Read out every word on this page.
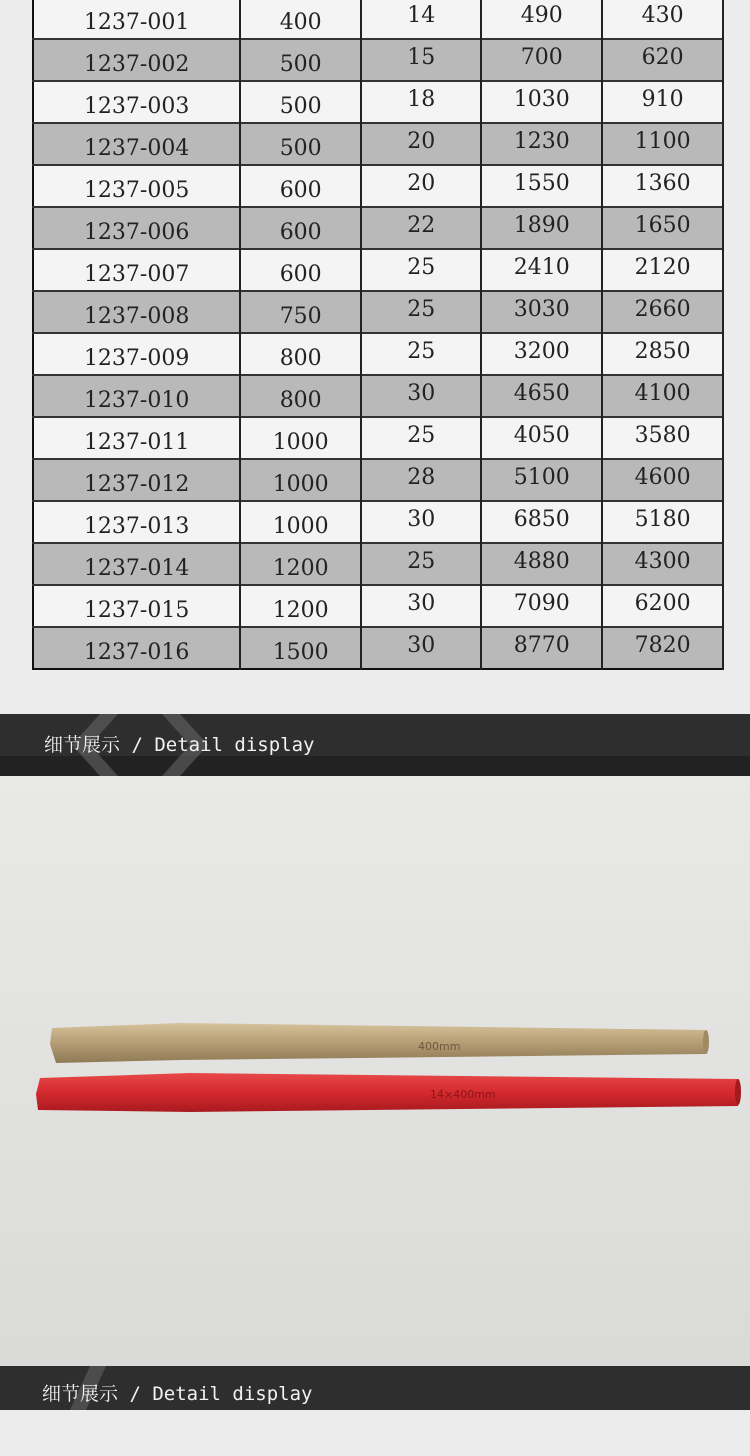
1237-001	400	14	490	430
1237-002	500	15	700	620
1237-003	500	18	1030	910
1237-004	500	20	1230	1100
1237-005	600	20	1550	1360
1237-006	600	22	1890	1650
1237-007	600	25	2410	2120
1237-008	750	25	3030	2660
1237-009	800	25	3200	2850
1237-010	800	30	4650	4100
1237-011	1000	25	4050	3580
1237-012	1000	28	5100	4600
1237-013	1000	30	6850	5180
1237-014	1200	25	4880	4300
1237-015	1200	30	7090	6200
1237-016	1500	30	8770	7820
细节展示 / Detail display
400mm
14×400mm
细节展示 / Detail display
